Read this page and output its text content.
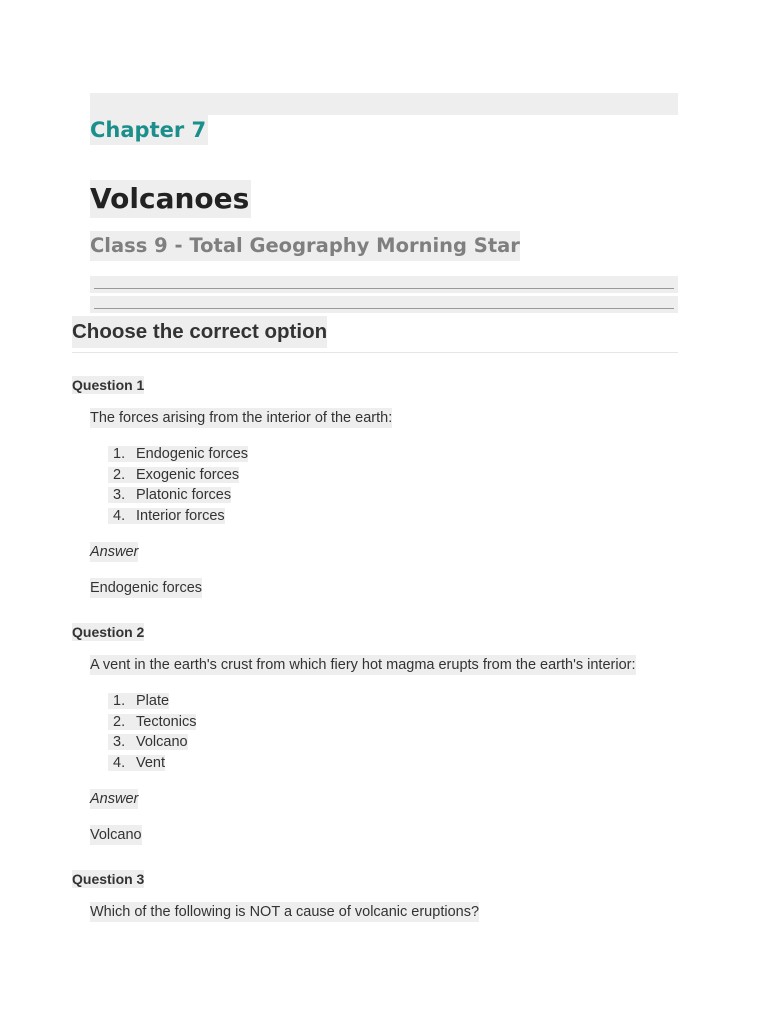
Chapter 7
Volcanoes
Class 9 - Total Geography Morning Star
Choose the correct option
Question 1
The forces arising from the interior of the earth:
1. Endogenic forces
2. Exogenic forces
3. Platonic forces
4. Interior forces
Answer
Endogenic forces
Question 2
A vent in the earth's crust from which fiery hot magma erupts from the earth's interior:
1. Plate
2. Tectonics
3. Volcano
4. Vent
Answer
Volcano
Question 3
Which of the following is NOT a cause of volcanic eruptions?
